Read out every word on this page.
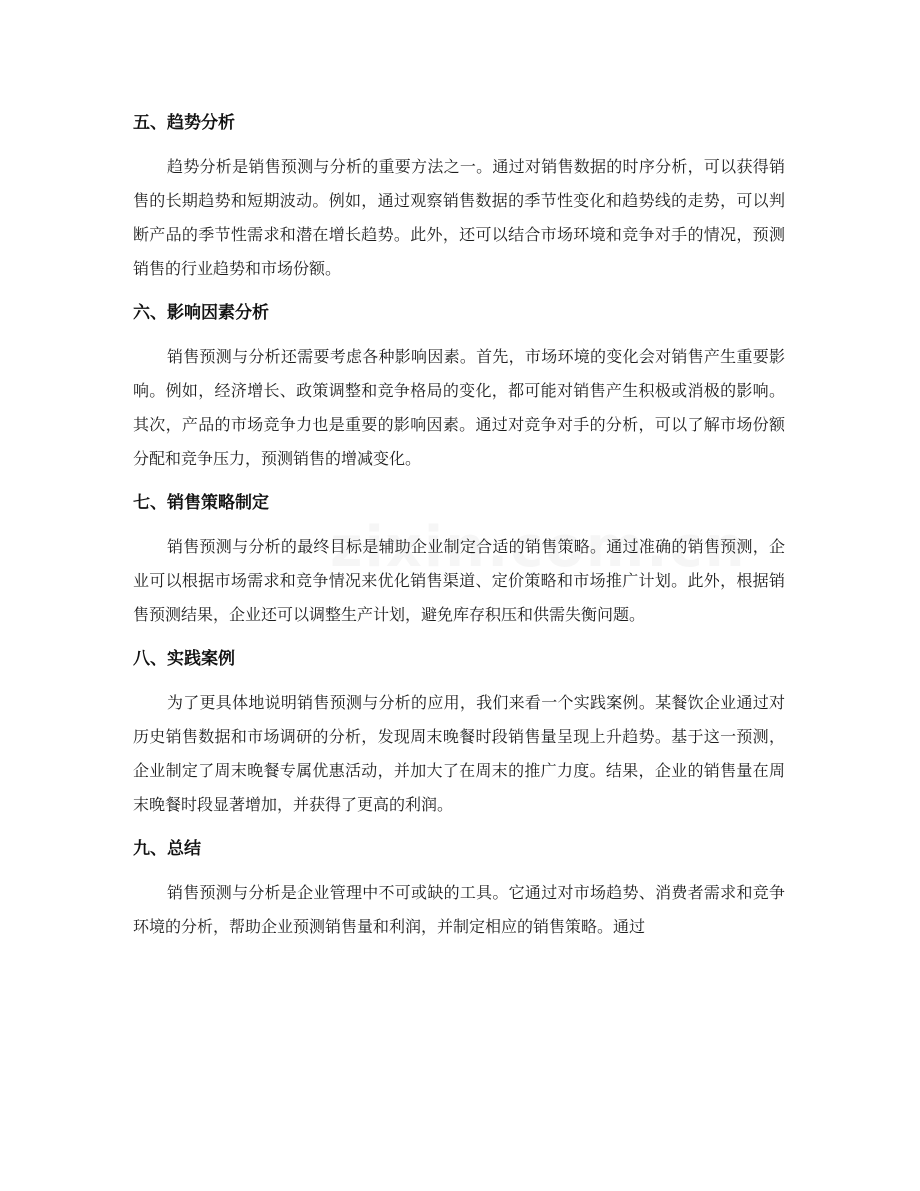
五、趋势分析

趋势分析是销售预测与分析的重要方法之一。通过对销售数据的时序分析，可以获得销售的长期趋势和短期波动。例如，通过观察销售数据的季节性变化和趋势线的走势，可以判断产品的季节性需求和潜在增长趋势。此外，还可以结合市场环境和竞争对手的情况，预测销售的行业趋势和市场份额。

六、影响因素分析

销售预测与分析还需要考虑各种影响因素。首先，市场环境的变化会对销售产生重要影响。例如，经济增长、政策调整和竞争格局的变化，都可能对销售产生积极或消极的影响。其次，产品的市场竞争力也是重要的影响因素。通过对竞争对手的分析，可以了解市场份额分配和竞争压力，预测销售的增减变化。

七、销售策略制定

销售预测与分析的最终目标是辅助企业制定合适的销售策略。通过准确的销售预测，企业可以根据市场需求和竞争情况来优化销售渠道、定价策略和市场推广计划。此外，根据销售预测结果，企业还可以调整生产计划，避免库存积压和供需失衡问题。

八、实践案例

为了更具体地说明销售预测与分析的应用，我们来看一个实践案例。某餐饮企业通过对历史销售数据和市场调研的分析，发现周末晚餐时段销售量呈现上升趋势。基于这一预测，企业制定了周末晚餐专属优惠活动，并加大了在周末的推广力度。结果，企业的销售量在周末晚餐时段显著增加，并获得了更高的利润。

九、总结

销售预测与分析是企业管理中不可或缺的工具。它通过对市场趋势、消费者需求和竞争环境的分析，帮助企业预测销售量和利润，并制定相应的销售策略。通过
